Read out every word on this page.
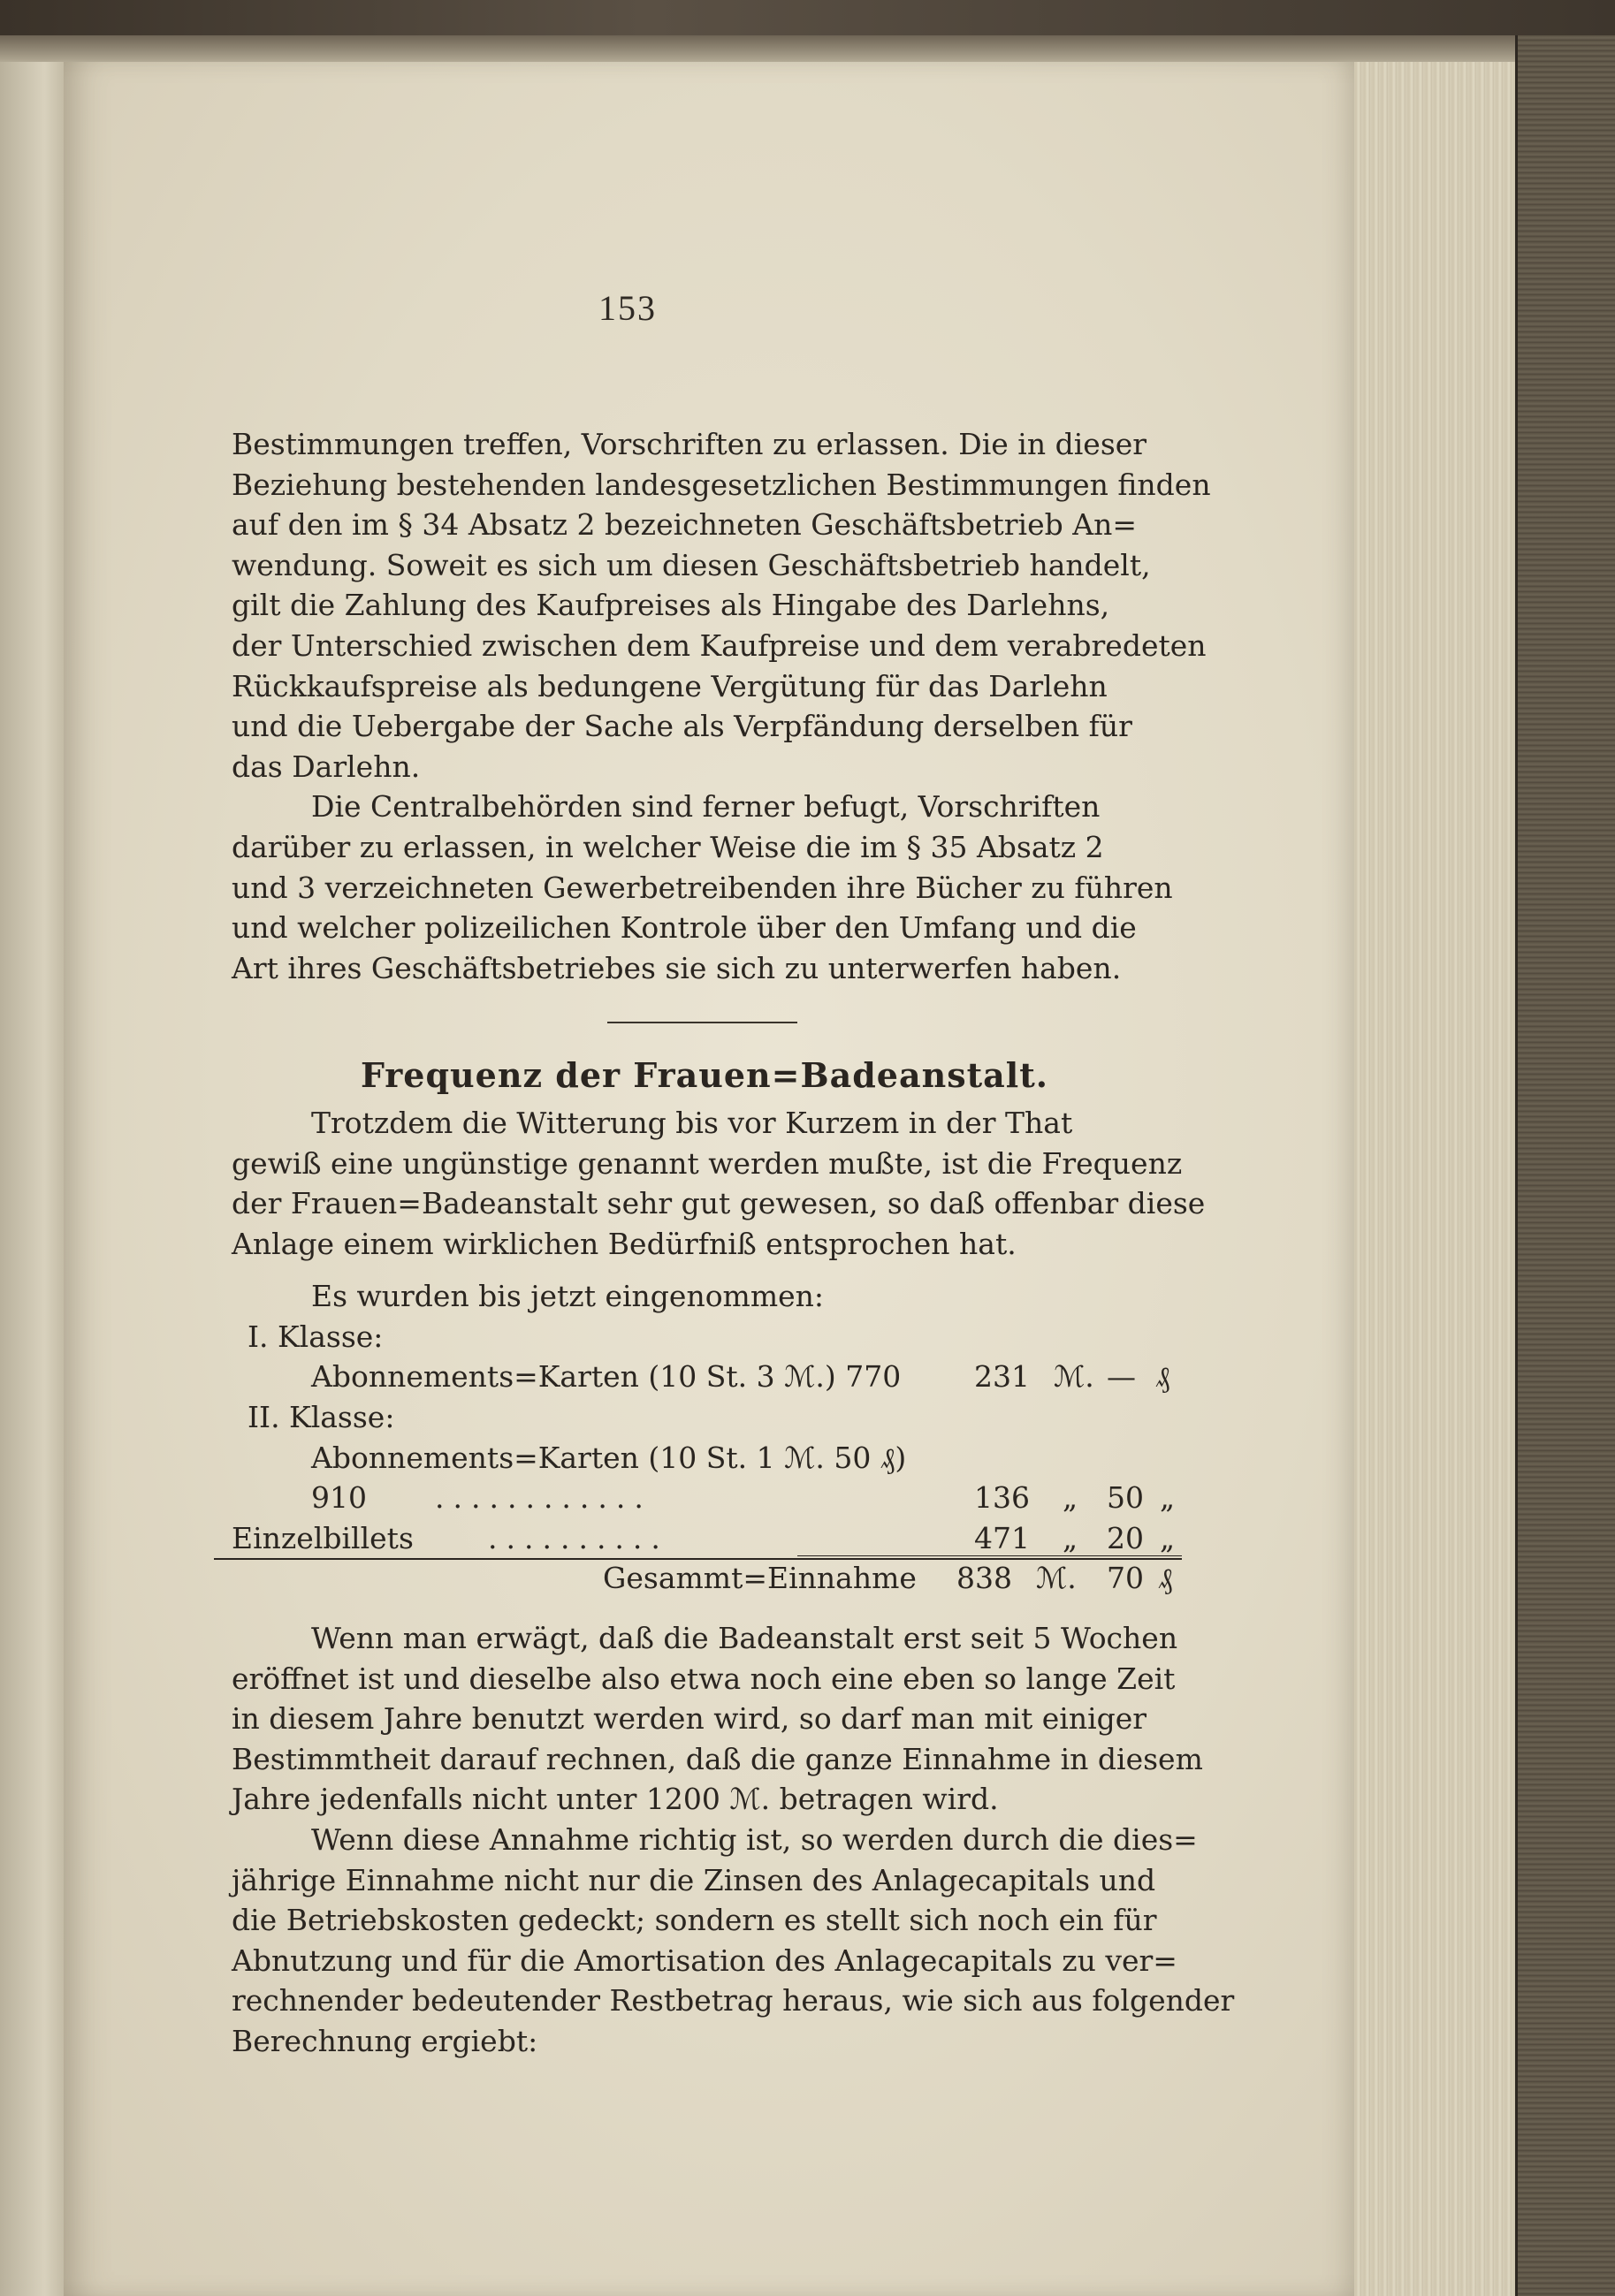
153

Bestimmungen treffen, Vorschriften zu erlassen. Die in dieser

Beziehung bestehenden landesgesetzlichen Bestimmungen finden

auf den im § 34 Absatz 2 bezeichneten Geschäftsbetrieb An=

wendung. Soweit es sich um diesen Geschäftsbetrieb handelt,

gilt die Zahlung des Kaufpreises als Hingabe des Darlehns,

der Unterschied zwischen dem Kaufpreise und dem verabredeten

Rückkaufspreise als bedungene Vergütung für das Darlehn

und die Uebergabe der Sache als Verpfändung derselben für

das Darlehn.

Die Centralbehörden sind ferner befugt, Vorschriften

darüber zu erlassen, in welcher Weise die im § 35 Absatz 2

und 3 verzeichneten Gewerbetreibenden ihre Bücher zu führen

und welcher polizeilichen Kontrole über den Umfang und die

Art ihres Geschäftsbetriebes sie sich zu unterwerfen haben.

Frequenz der Frauen=Badeanstalt.

Trotzdem die Witterung bis vor Kurzem in der That

gewiß eine ungünstige genannt werden mußte, ist die Frequenz

der Frauen=Badeanstalt sehr gut gewesen, so daß offenbar diese

Anlage einem wirklichen Bedürfniß entsprochen hat.

Es wurden bis jetzt eingenommen:
I. Klasse:
Abonnements=Karten (10 St. 3 ℳ.) 770	231 ℳ. — ₰
II. Klasse:
Abonnements=Karten (10 St. 1 ℳ. 50 ₰)
910 ............	136 „ 50 „
Einzelbillets	..........	471 „ 20 „
Gesammt=Einnahme 838 ℳ. 70 ₰

Wenn man erwägt, daß die Badeanstalt erst seit 5 Wochen

eröffnet ist und dieselbe also etwa noch eine eben so lange Zeit

in diesem Jahre benutzt werden wird, so darf man mit einiger

Bestimmtheit darauf rechnen, daß die ganze Einnahme in diesem

Jahre jedenfalls nicht unter 1200 ℳ. betragen wird.

Wenn diese Annahme richtig ist, so werden durch die dies=

jährige Einnahme nicht nur die Zinsen des Anlagecapitals und

die Betriebskosten gedeckt; sondern es stellt sich noch ein für

Abnutzung und für die Amortisation des Anlagecapitals zu ver=

rechnender bedeutender Restbetrag heraus, wie sich aus folgender

Berechnung ergiebt:
